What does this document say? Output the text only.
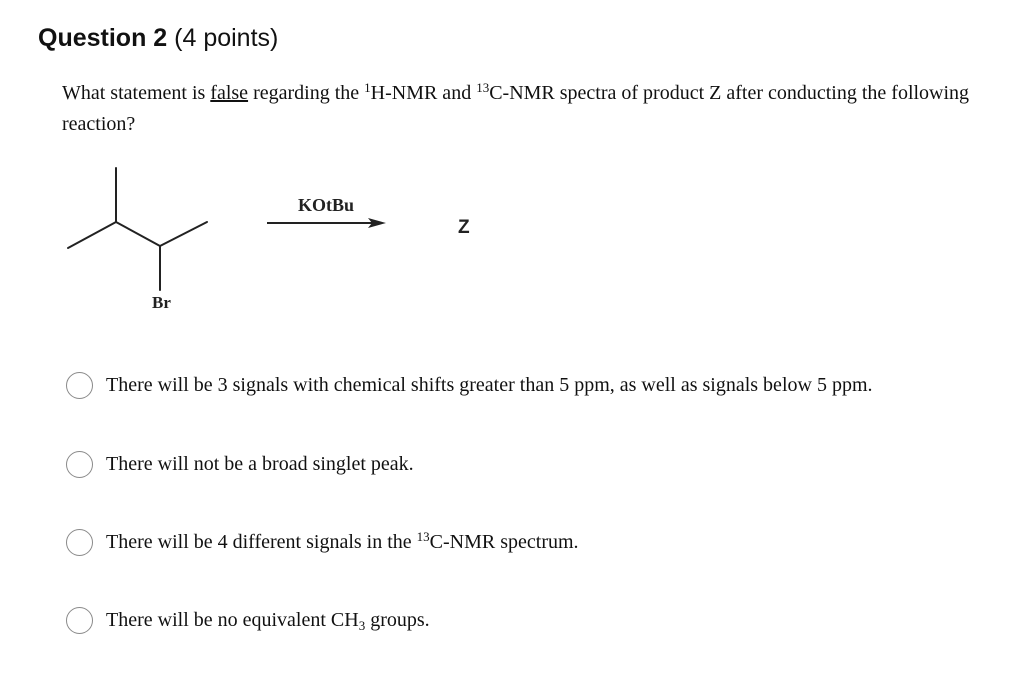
Question 2 (4 points)
What statement is false regarding the $^1$H-NMR and $^{13}$C-NMR spectra of product Z after conducting the following reaction?
Br
KOtBu
Z
There will be 3 signals with chemical shifts greater than 5 ppm, as well as signals below 5 ppm.
There will not be a broad singlet peak.
There will be 4 different signals in the $^{13}$C-NMR spectrum.
There will be no equivalent $CH_3$ groups.
